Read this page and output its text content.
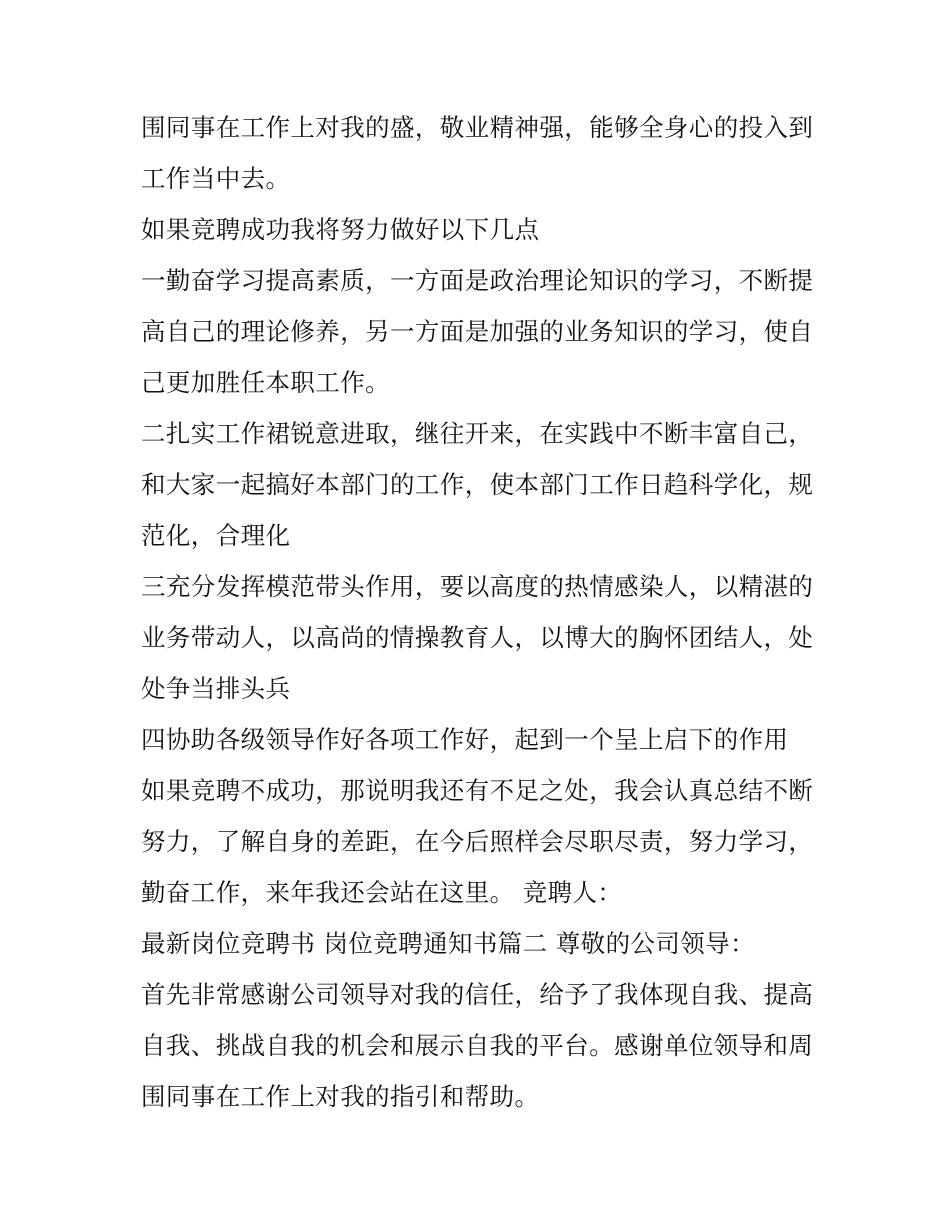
围同事在工作上对我的盛，敬业精神强，能够全身心的投入到
工作当中去。
如果竞聘成功我将努力做好以下几点
一勤奋学习提高素质，一方面是政治理论知识的学习，不断提
高自己的理论修养，另一方面是加强的业务知识的学习，使自
己更加胜任本职工作。
二扎实工作裙锐意进取，继往开来，在实践中不断丰富自己，
和大家一起搞好本部门的工作，使本部门工作日趋科学化，规
范化，合理化
三充分发挥模范带头作用，要以高度的热情感染人，以精湛的
业务带动人，以高尚的情操教育人，以博大的胸怀团结人，处
处争当排头兵
四协助各级领导作好各项工作好，起到一个呈上启下的作用
如果竞聘不成功，那说明我还有不足之处，我会认真总结不断
努力，了解自身的差距，在今后照样会尽职尽责，努力学习，
勤奋工作，来年我还会站在这里。 竞聘人：
最新岗位竞聘书 岗位竞聘通知书篇二 尊敬的公司领导：
首先非常感谢公司领导对我的信任，给予了我体现自我、提高
自我、挑战自我的机会和展示自我的平台。感谢单位领导和周
围同事在工作上对我的指引和帮助。
